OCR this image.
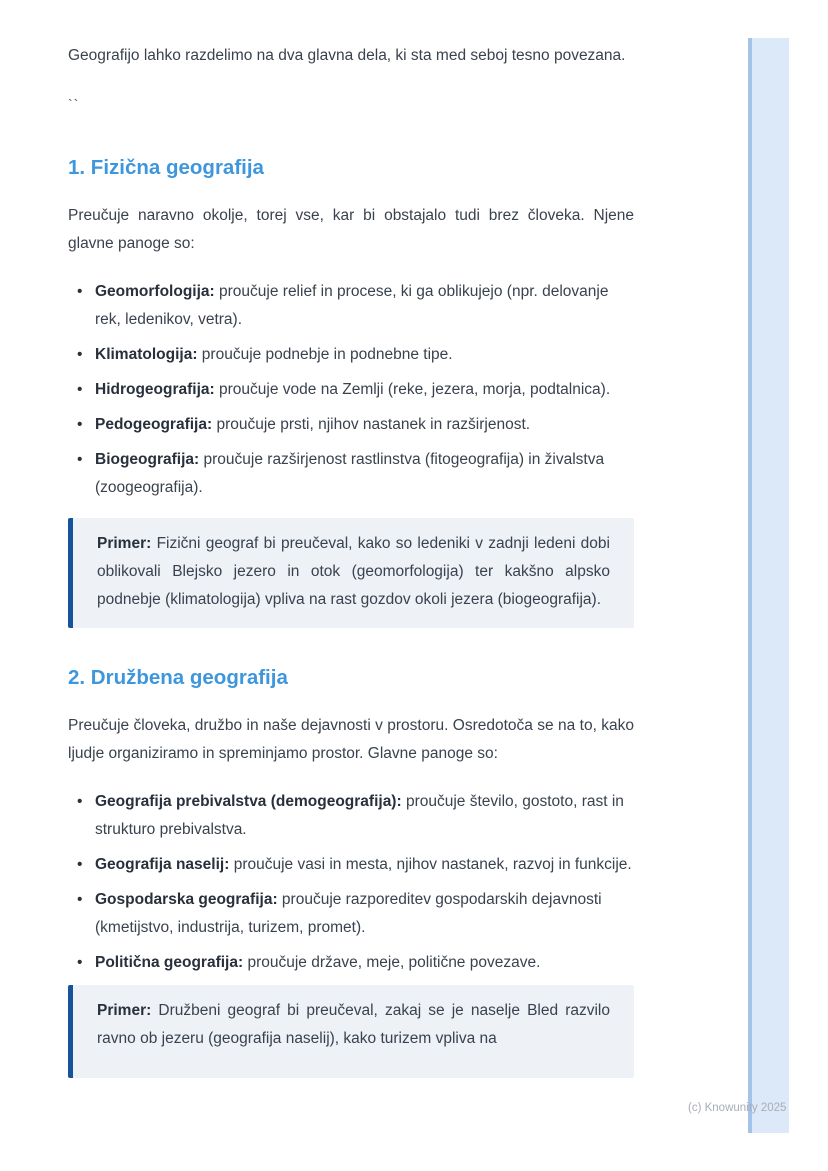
Geografijo lahko razdelimo na dva glavna dela, ki sta med seboj tesno povezana.

``

1. Fizična geografija

Preučuje naravno okolje, torej vse, kar bi obstajalo tudi brez človeka. Njene glavne panoge so:

• Geomorfologija: proučuje relief in procese, ki ga oblikujejo (npr. delovanje rek, ledenikov, vetra).
• Klimatologija: proučuje podnebje in podnebne tipe.
• Hidrogeografija: proučuje vode na Zemlji (reke, jezera, morja, podtalnica).
• Pedogeografija: proučuje prsti, njihov nastanek in razširjenost.
• Biogeografija: proučuje razširjenost rastlinstva (fitogeografija) in živalstva (zoogeografija).

Primer: Fizični geograf bi preučeval, kako so ledeniki v zadnji ledeni dobi oblikovali Blejsko jezero in otok (geomorfologija) ter kakšno alpsko podnebje (klimatologija) vpliva na rast gozdov okoli jezera (biogeografija).

2. Družbena geografija

Preučuje človeka, družbo in naše dejavnosti v prostoru. Osredotoča se na to, kako ljudje organiziramo in spreminjamo prostor. Glavne panoge so:

• Geografija prebivalstva (demogeografija): proučuje število, gostoto, rast in strukturo prebivalstva.
• Geografija naselij: proučuje vasi in mesta, njihov nastanek, razvoj in funkcije.
• Gospodarska geografija: proučuje razporeditev gospodarskih dejavnosti (kmetijstvo, industrija, turizem, promet).
• Politična geografija: proučuje države, meje, politične povezave.

Primer: Družbeni geograf bi preučeval, zakaj se je naselje Bled razvilo ravno ob jezeru (geografija naselij), kako turizem vpliva na

(c) Knowunity 2025
